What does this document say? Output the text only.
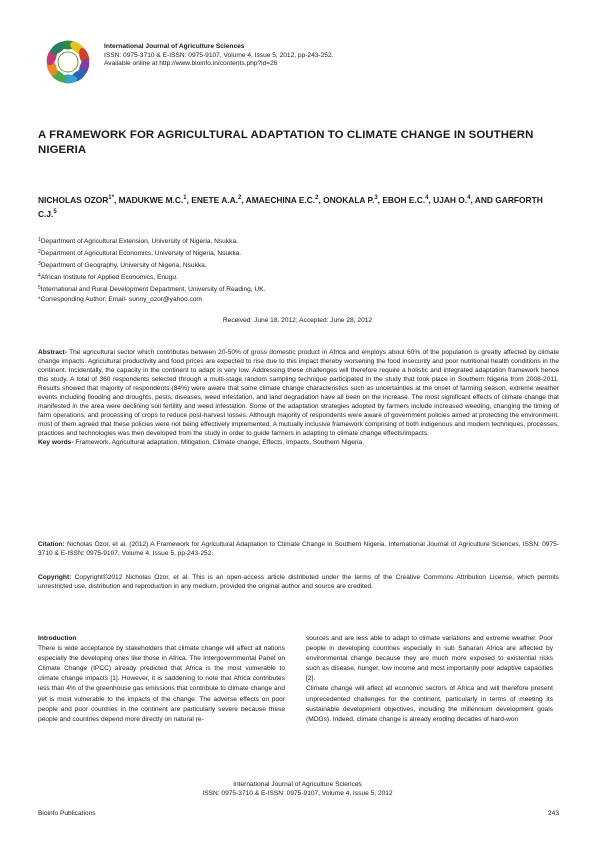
International Journal of Agriculture Sciences
ISSN: 0975-3710 & E-ISSN: 0975-9107, Volume 4, Issue 5, 2012, pp-243-252.
Available online at http://www.bioinfo.in/contents.php?id=26
A FRAMEWORK FOR AGRICULTURAL ADAPTATION TO CLIMATE CHANGE IN SOUTHERN NIGERIA
NICHOLAS $OZOR^{1*}$, MADUKWE M.C.$^1$, ENETE A.A.$^2$, AMAECHINA E.C.$^2$, ONOKALA P.$^3$, EBOH E.C.$^4$, UJAH O.$^4$, AND GARFORTH C.J.$^5$
$^1$Department of Agricultural Extension, University of Nigeria, Nsukka.
$^2$Department of Agricultural Economics, University of Nigeria, Nsukka.
$^3$Department of Geography, University of Nigeria, Nsukka.
$^4$African Institute for Applied Economics, Enugu.
$^5$International and Rural Development Department, University of Reading, UK.
*Corresponding Author: Email- sunny_ozor@yahoo.com
Received: June 18, 2012; Accepted: June 28, 2012
Abstract- The agricultural sector which contributes between 20-50% of gross domestic product in Africa and employs about 60% of the population is greatly affected by climate change impacts. Agricultural productivity and food prices are expected to rise due to this impact thereby worsening the food insecurity and poor nutritional health conditions in the continent. Incidentally, the capacity in the continent to adapt is very low. Addressing these challenges will therefore require a holistic and integrated adaptation framework hence this study. A total of 360 respondents selected through a multi-stage random sampling technique participated in the study that took place in Southern Nigeria from 2008-2011. Results showed that majority of respondents (84%) were aware that some climate change characteristics such as uncertainties at the onset of farming season, extreme weather events including flooding and droughts, pests, diseases, weed infestation, and land degradation have all been on the increase. The most significant effects of climate change that manifested in the area were declining soil fertility and weed infestation. Some of the adaptation strategies adopted by farmers include increased weeding, changing the timing of farm operations, and processing of crops to reduce post-harvest losses. Although majority of respondents were aware of government policies aimed at protecting the environment, most of them agreed that these policies were not being effectively implemented. A mutually inclusive framework comprising of both indigenous and modern techniques, processes, practices and technologies was then developed from the study in order to guide farmers in adapting to climate change effects/impacts.
Key words- Framework, Agricultural adaptation, Mitigation, Climate change, Effects, Impacts, Southern Nigeria.
Citation: Nicholas Ozor, et al. (2012) A Framework for Agricultural Adaptation to Climate Change in Southern Nigeria. International Journal of Agriculture Sciences, ISSN: 0975-3710 & E-ISSN: 0975-9107, Volume 4, Issue 5, pp-243-252.
Copyright: Copyright©2012 Nicholas Ozor, et al. This is an open-access article distributed under the terms of the Creative Commons Attribution License, which permits unrestricted use, distribution and reproduction in any medium, provided the original author and source are credited.
Introduction
There is wide acceptance by stakeholders that climate change will affect all nations especially the developing ones like those in Africa. The Intergovernmental Panel on Climate Change (IPCC) already predicted that Africa is the most vulnerable to climate change impacts [1]. However, it is saddening to note that Africa contributes less than 4% of the greenhouse gas emissions that contribute to climate change and yet is most vulnerable to the impacts of the change. The adverse effects on poor people and poor countries in the continent are particularly severe because these people and countries depend more directly on natural re-
sources and are less able to adapt to climate variations and extreme weather. Poor people in developing countries especially in sub Saharan Africa are affected by environmental change because they are much more exposed to existential risks such as disease, hunger, low income and most importantly poor adaptive capacities [2].
Climate change will affect all economic sectors of Africa and will therefore present unprecedented challenges for the continent, particularly in terms of meeting its sustainable development objectives, including the millennium development goals (MDGs). Indeed, climate change is already eroding decades of hard-won
International Journal of Agriculture Sciences
ISSN: 0975-3710 & E-ISSN: 0975-9107, Volume 4, Issue 5, 2012
Bioinfo Publications	243
